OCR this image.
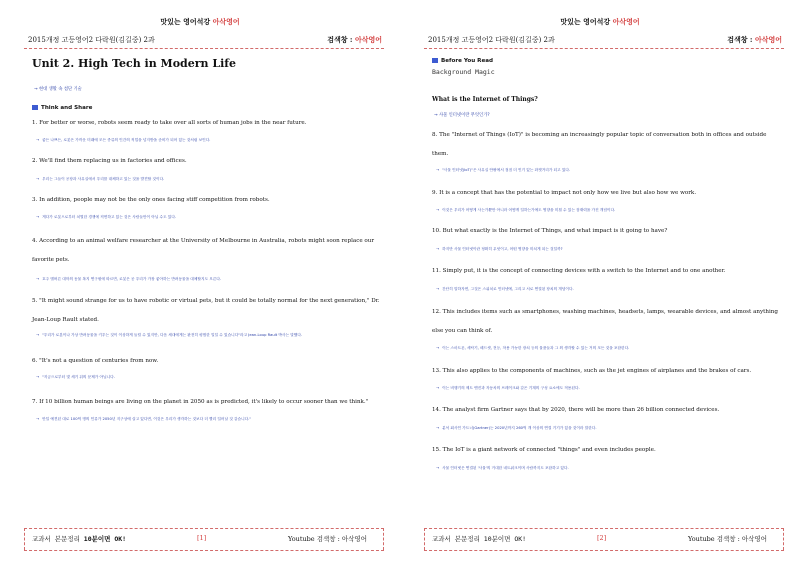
맛있는 영어석강 아삭영어
2015개정 고등영어2 다락원(김길중) 2과	검색창 : 아삭영어
Unit 2. High Tech in Modern Life
→ 현대 생활 속 첨단 기술
Think and Share
1. For better or worse, robots seem ready to take over all sorts of human jobs in the near future.
→ 좋든 나쁘든, 로봇은 가까운 미래에 모든 종류의 인간의 직업을 넘겨받을 준비가 되어 있는 것처럼 보인다.
2. We'll find them replacing us in factories and offices.
→ 우리는 그들이 공장과 사무실에서 우리를 대체하고 있는 것을 발견할 것이다.
3. In addition, people may not be the only ones facing stiff competition from robots.
→ 게다가 로봇으로부터 치열한 경쟁에 직면하고 있는 것은 사람들만이 아닐 수도 있다.
4. According to an animal welfare researcher at the University of Melbourne in Australia, robots might soon replace our favorite pets.
→ 호주 멜버른 대학의 동물 복지 연구원에 따르면, 로봇은 곧 우리가 가장 좋아하는 반려동물을 대체할지도 모른다.
5. "It might sound strange for us to have robotic or virtual pets, but it could be totally normal for the next generation," Dr. Jean-Loup Rault stated.
→ "우리가 로봇이나 가상 반려동물을 키우는 것이 이상하게 들릴 수 있지만, 다음 세대에게는 완전히 평범한 일일 수 있습니다"라고 Jean-Loup Rault 박사는 말했다.
6. "It's not a question of centuries from now.
→ "지금으로부터 몇 세기 뒤의 문제가 아닙니다.
7. If 10 billion human beings are living on the planet in 2050 as is predicted, it's likely to occur sooner than we think."
→ 만일 예견된 대로 100억 명의 인류가 2050년 지구상에 살고 있다면, 이것은 우리가 생각하는 것보다 더 빨리 일어날 것 같습니다."
교과서 본문정리 10분이면 OK!	[1]	Youtube 검색창 : 아삭영어
맛있는 영어석강 아삭영어
2015개정 고등영어2 다락원(김길중) 2과	검색창 : 아삭영어
Before You Read
Background Magic
What is the Internet of Things?
→ 사물 인터넷이란 무엇인가?
8. The "Internet of Things (IoT)" is becoming an increasingly popular topic of conversation both in offices and outside them.
→ "사물 인터넷(IoT)"은 사무실 안팎에서 점점 더 인기 있는 화젯거리가 되고 있다.
9. It is a concept that has the potential to impact not only how we live but also how we work.
→ 이것은 우리가 어떻게 사는가뿐만 아니라 어떻게 일하는가에도 영향을 미칠 수 있는 잠재력을 가진 개념이다.
10. But what exactly is the Internet of Things, and what impact is it going to have?
→ 하지만 사물 인터넷이란 정확히 무엇이고, 어떤 영향을 미치게 되는 것일까?
11. Simply put, it is the concept of connecting devices with a switch to the Internet and to one another.
→ 간단히 말하자면, 그것은 스위치로 인터넷에, 그리고 서로 연결된 장치의 개념이다.
12. This includes items such as smartphones, washing machines, headsets, lamps, wearable devices, and almost anything else you can think of.
→ 이는 스마트폰, 세탁기, 헤드셋, 전등, 착용 가능한 장치 등의 물품들과 그 외 생각할 수 있는 거의 모든 것을 포함한다.
13. This also applies to the components of machines, such as the jet engines of airplanes and the brakes of cars.
→ 이는 비행기의 제트 엔진과 자동차의 브레이크와 같은 기계의 구성 요소에도 적용된다.
14. The analyst firm Gartner says that by 2020, there will be more than 26 billion connected devices.
→ 분석 회사인 가트너(Gartner)는 2020년까지 260억 개 이상의 연결 기기가 있을 것이라 말한다.
15. The IoT is a giant network of connected "things" and even includes people.
→ 사물 인터넷은 연결된 '사물'의 거대한 네트워크이며 사람까지도 포함하고 있다.
교과서 본문정리 10분이면 OK!	[2]	Youtube 검색창 : 아삭영어
